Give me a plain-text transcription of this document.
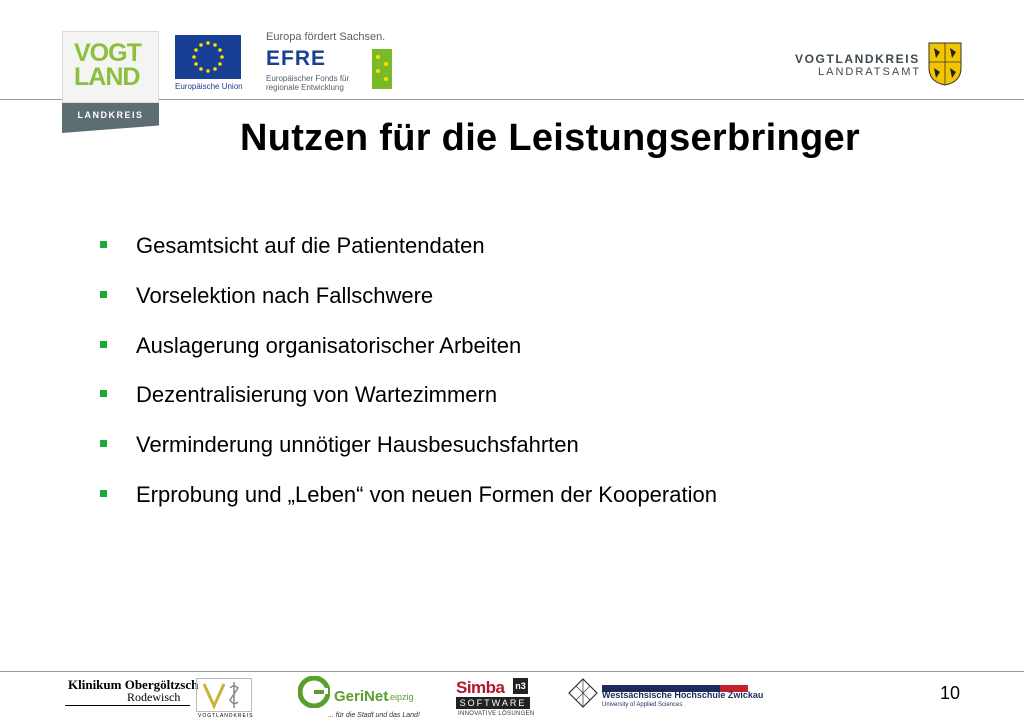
VOGT
LAND
LANDKREIS
Europäische Union
Europa fördert Sachsen.
EFRE
Europäischer Fonds für
regionale Entwicklung
VOGTLANDKREIS
LANDRATSAMT
Nutzen für die Leistungserbringer
Gesamtsicht auf die Patientendaten
Vorselektion nach Fallschwere
Auslagerung organisatorischer Arbeiten
Dezentralisierung von Wartezimmern
Verminderung unnötiger Hausbesuchsfahrten
Erprobung und „Leben“ von neuen Formen der Kooperation
Klinikum Obergöltzsch
Rodewisch
VOGTLANDKREIS
GeriNet
Leipzig
... für die Stadt und das Land!
Simba n3
SOFTWARE
INNOVATIVE LÖSUNGEN
Westsächsische Hochschule Zwickau
University of Applied Sciences
10
